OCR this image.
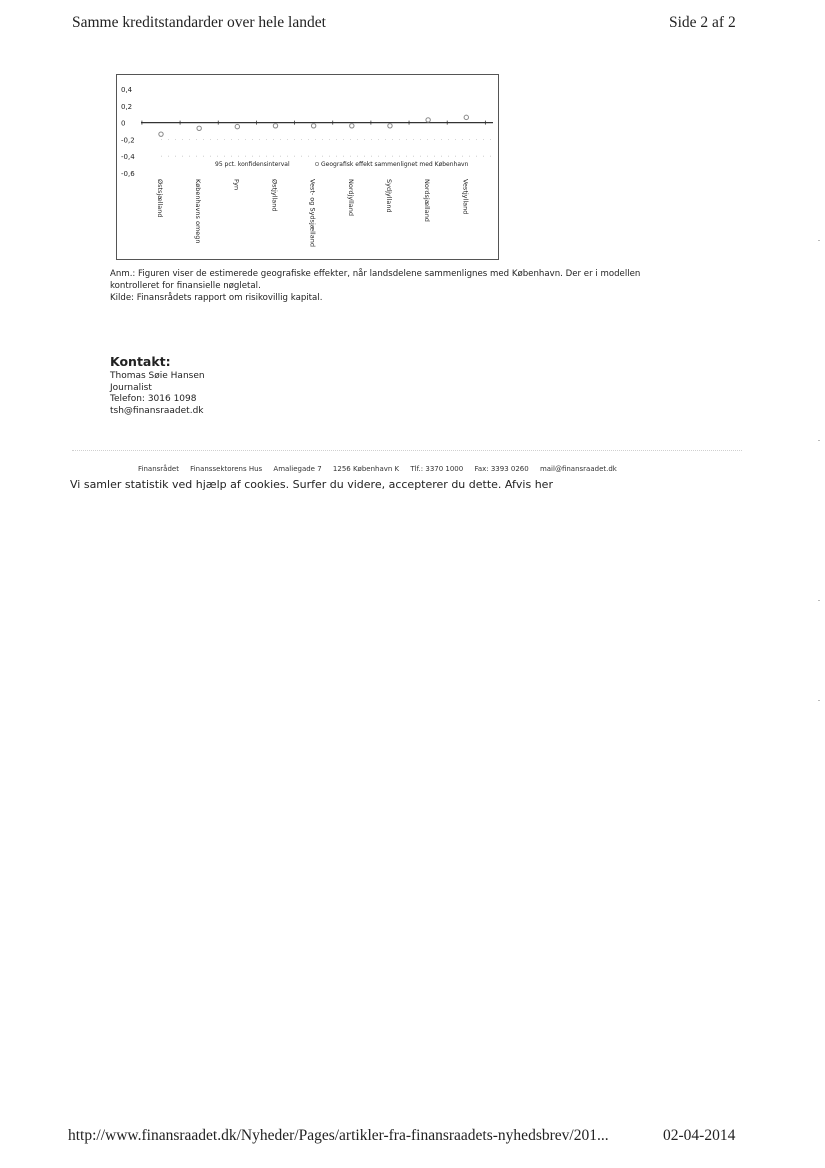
Samme kreditstandarder over hele landet	Side 2 af 2
0,4
0,2
0
-0,2
-0,4
-0,6
95 pct. konfidensinterval	Geografisk effekt sammenlignet med København
Østsjælland	Københavns omegn	Fyn	Østjylland	Vest- og Sydsjælland	Nordjylland	Sydjylland	Nordsjælland	Vestjylland
Anm.: Figuren viser de estimerede geografiske effekter, når landsdelene sammenlignes med København. Der er i modellen
kontrolleret for finansielle nøgletal.
Kilde: Finansrådets rapport om risikovillig kapital.
Kontakt:
Thomas Søie Hansen
Journalist
Telefon: 3016 1098
tsh@finansraadet.dk
Finansrådet Finanssektorens Hus Amaliegade 7 1256 København K Tlf.: 3370 1000 Fax: 3393 0260 mail@finansraadet.dk
Vi samler statistik ved hjælp af cookies. Surfer du videre, accepterer du dette. Afvis her
http://www.finansraadet.dk/Nyheder/Pages/artikler-fra-finansraadets-nyhedsbrev/201...	02-04-2014
